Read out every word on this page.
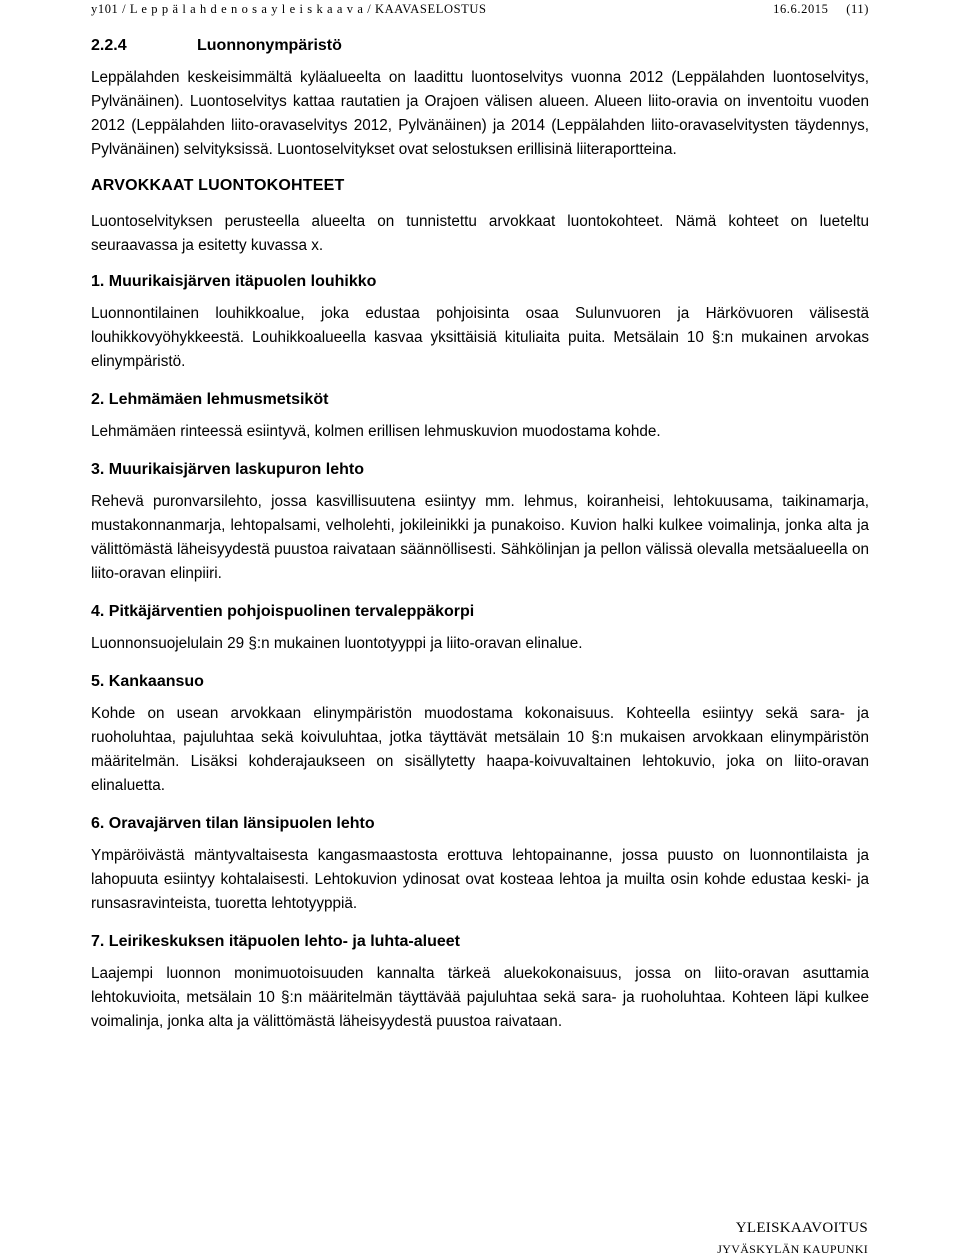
y101 / L e p p ä l a h d e n o s a y l e i s k a a v a / KAAVASELOSTUS	16.6.2015 (11)
2.2.4	Luonnonympäristö

Leppälahden keskeisimmältä kyläalueelta on laadittu luontoselvitys vuonna 2012 (Leppälahden luontoselvitys, Pylvänäinen). Luontoselvitys kattaa rautatien ja Orajoen välisen alueen. Alueen liito-oravia on inventoitu vuoden 2012 (Leppälahden liito-oravaselvitys 2012, Pylvänäinen) ja 2014 (Leppälahden liito-oravaselvitysten täydennys, Pylvänäinen) selvityksissä. Luontoselvitykset ovat selostuksen erillisinä liiteraportteina.

ARVOKKAAT LUONTOKOHTEET

Luontoselvityksen perusteella alueelta on tunnistettu arvokkaat luontokohteet. Nämä kohteet on lueteltu seuraavassa ja esitetty kuvassa x.

1. Muurikaisjärven itäpuolen louhikko

Luonnontilainen louhikkoalue, joka edustaa pohjoisinta osaa Sulunvuoren ja Härkövuoren välisestä louhikkovyöhykkeestä. Louhikkoalueella kasvaa yksittäisiä kituliaita puita. Metsälain 10 §:n mukainen arvokas elinympäristö.

2. Lehmämäen lehmusmetsiköt

Lehmämäen rinteessä esiintyvä, kolmen erillisen lehmuskuvion muodostama kohde.

3. Muurikaisjärven laskupuron lehto

Rehevä puronvarsilehto, jossa kasvillisuutena esiintyy mm. lehmus, koiranheisi, lehtokuusama, taikinamarja, mustakonnanmarja, lehtopalsami, velholehti, jokileinikki ja punakoiso. Kuvion halki kulkee voimalinja, jonka alta ja välittömästä läheisyydestä puustoa raivataan säännöllisesti. Sähkölinjan ja pellon välissä olevalla metsäalueella on liito-oravan elinpiiri.

4. Pitkäjärventien pohjoispuolinen tervaleppäkorpi

Luonnonsuojelulain 29 §:n mukainen luontotyyppi ja liito-oravan elinalue.

5. Kankaansuo

Kohde on usean arvokkaan elinympäristön muodostama kokonaisuus. Kohteella esiintyy sekä sara- ja ruoholuhtaa, pajuluhtaa sekä koivuluhtaa, jotka täyttävät metsälain 10 §:n mukaisen arvokkaan elinympäristön määritelmän. Lisäksi kohderajaukseen on sisällytetty haapa-koivuvaltainen lehtokuvio, joka on liito-oravan elinaluetta.

6. Oravajärven tilan länsipuolen lehto

Ympäröivästä mäntyvaltaisesta kangasmaastosta erottuva lehtopainanne, jossa puusto on luonnontilaista ja lahopuuta esiintyy kohtalaisesti. Lehtokuvion ydinosat ovat kosteaa lehtoa ja muilta osin kohde edustaa keski- ja runsasravinteista, tuoretta lehtotyyppiä.

7. Leirikeskuksen itäpuolen lehto- ja luhta-alueet

Laajempi luonnon monimuotoisuuden kannalta tärkeä aluekokonaisuus, jossa on liito-oravan asuttamia lehtokuvioita, metsälain 10 §:n määritelmän täyttävää pajuluhtaa sekä sara- ja ruoholuhtaa. Kohteen läpi kulkee voimalinja, jonka alta ja välittömästä läheisyydestä puustoa raivataan.

YLEISKAAVOITUS
JYVÄSKYLÄN KAUPUNKI
